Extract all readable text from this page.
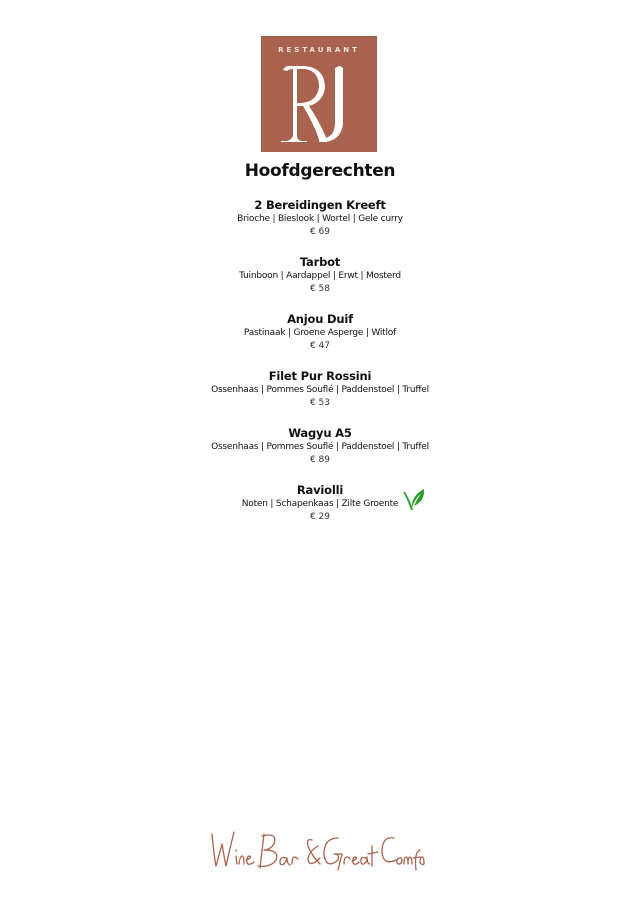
RESTAURANT
Hoofdgerechten
2 Bereidingen Kreeft
Brioche | Bieslook | Wortel | Gele curry
€ 69
Tarbot
Tuinboon | Aardappel | Erwt | Mosterd
€ 58
Anjou Duif
Pastinaak | Groene Asperge | Witlof
€ 47
Filet Pur Rossini
Ossenhaas | Pommes Souflé | Paddenstoel | Truffel
€ 53
Wagyu A5
Ossenhaas | Pommes Souflé | Paddenstoel | Truffel
€ 89
Raviolli
Noten | Schapenkaas | Zilte Groente
€ 29
